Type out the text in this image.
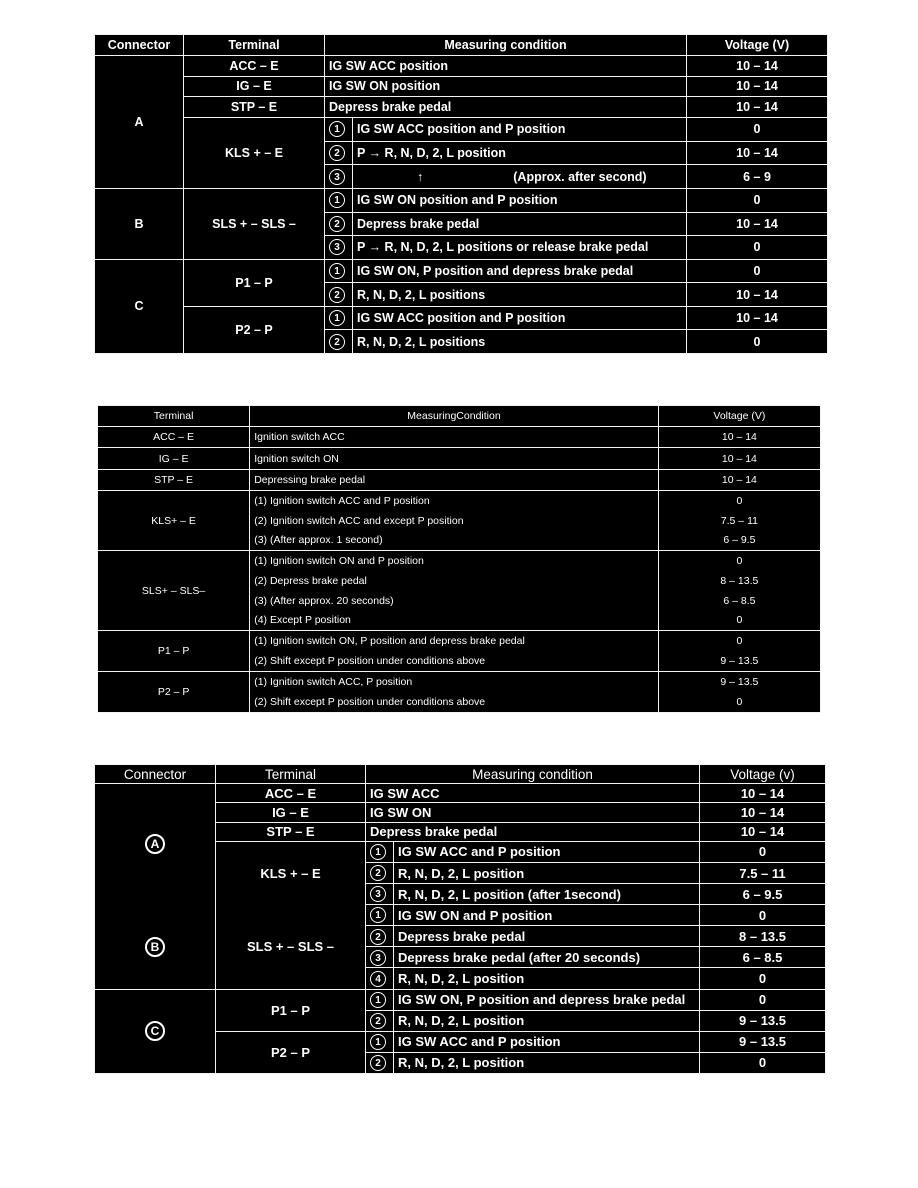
Connector	Terminal	Measuring condition		Voltage (V)
A	ACC – E	IG SW ACC position		10 – 14
	IG – E	IG SW ON position		10 – 14
	STP – E	Depress brake pedal		10 – 14
	KLS + – E	1	IG SW ACC position and P position	0
		2	P → R, N, D, 2, L position	10 – 14
		3	↑ (Approx. after second)	6 – 9
B	SLS + – SLS –	1	IG SW ON position and P position	0
		2	Depress brake pedal	10 – 14
		3	P → R, N, D, 2, L positions or release brake pedal	0
C	P1 – P	1	IG SW ON, P position and depress brake pedal	0
		2	R, N, D, 2, L positions	10 – 14
	P2 – P	1	IG SW ACC position and P position	10 – 14
		2	R, N, D, 2, L positions	0
Terminal	MeasuringCondition	Voltage (V)
ACC – E	Ignition switch ACC	10 – 14
IG – E	Ignition switch ON	10 – 14
STP – E	Depressing brake pedal	10 – 14
KLS+ – E	(1) Ignition switch ACC and P position	0
	(2) Ignition switch ACC and except P position	7.5 – 11
	(3) (After approx. 1 second)	6 – 9.5
SLS+ – SLS–	(1) Ignition switch ON and P position	0
	(2) Depress brake pedal	8 – 13.5
	(3) (After approx. 20 seconds)	6 – 8.5
	(4) Except P position	0
P1 – P	(1) Ignition switch ON, P position and depress brake pedal	0
	(2) Shift except P position under conditions above	9 – 13.5
P2 – P	(1) Ignition switch ACC, P position	9 – 13.5
	(2) Shift except P position under conditions above	0
Connector	Terminal	Measuring condition		Voltage (v)
A	ACC – E	IG SW ACC		10 – 14
	IG – E	IG SW ON		10 – 14
	STP – E	Depress brake pedal		10 – 14
	KLS + – E	1	IG SW ACC and P position	0
		2	R, N, D, 2, L position	7.5 – 11
		3	R, N, D, 2, L position (after 1second)	6 – 9.5
B	SLS + – SLS –	1	IG SW ON and P position	0
		2	Depress brake pedal	8 – 13.5
		3	Depress brake pedal (after 20 seconds)	6 – 8.5
		4	R, N, D, 2, L position	0
C	P1 – P	1	IG SW ON, P position and depress brake pedal	0
		2	R, N, D, 2, L position	9 – 13.5
	P2 – P	1	IG SW ACC and P position	9 – 13.5
		2	R, N, D, 2, L position	0
